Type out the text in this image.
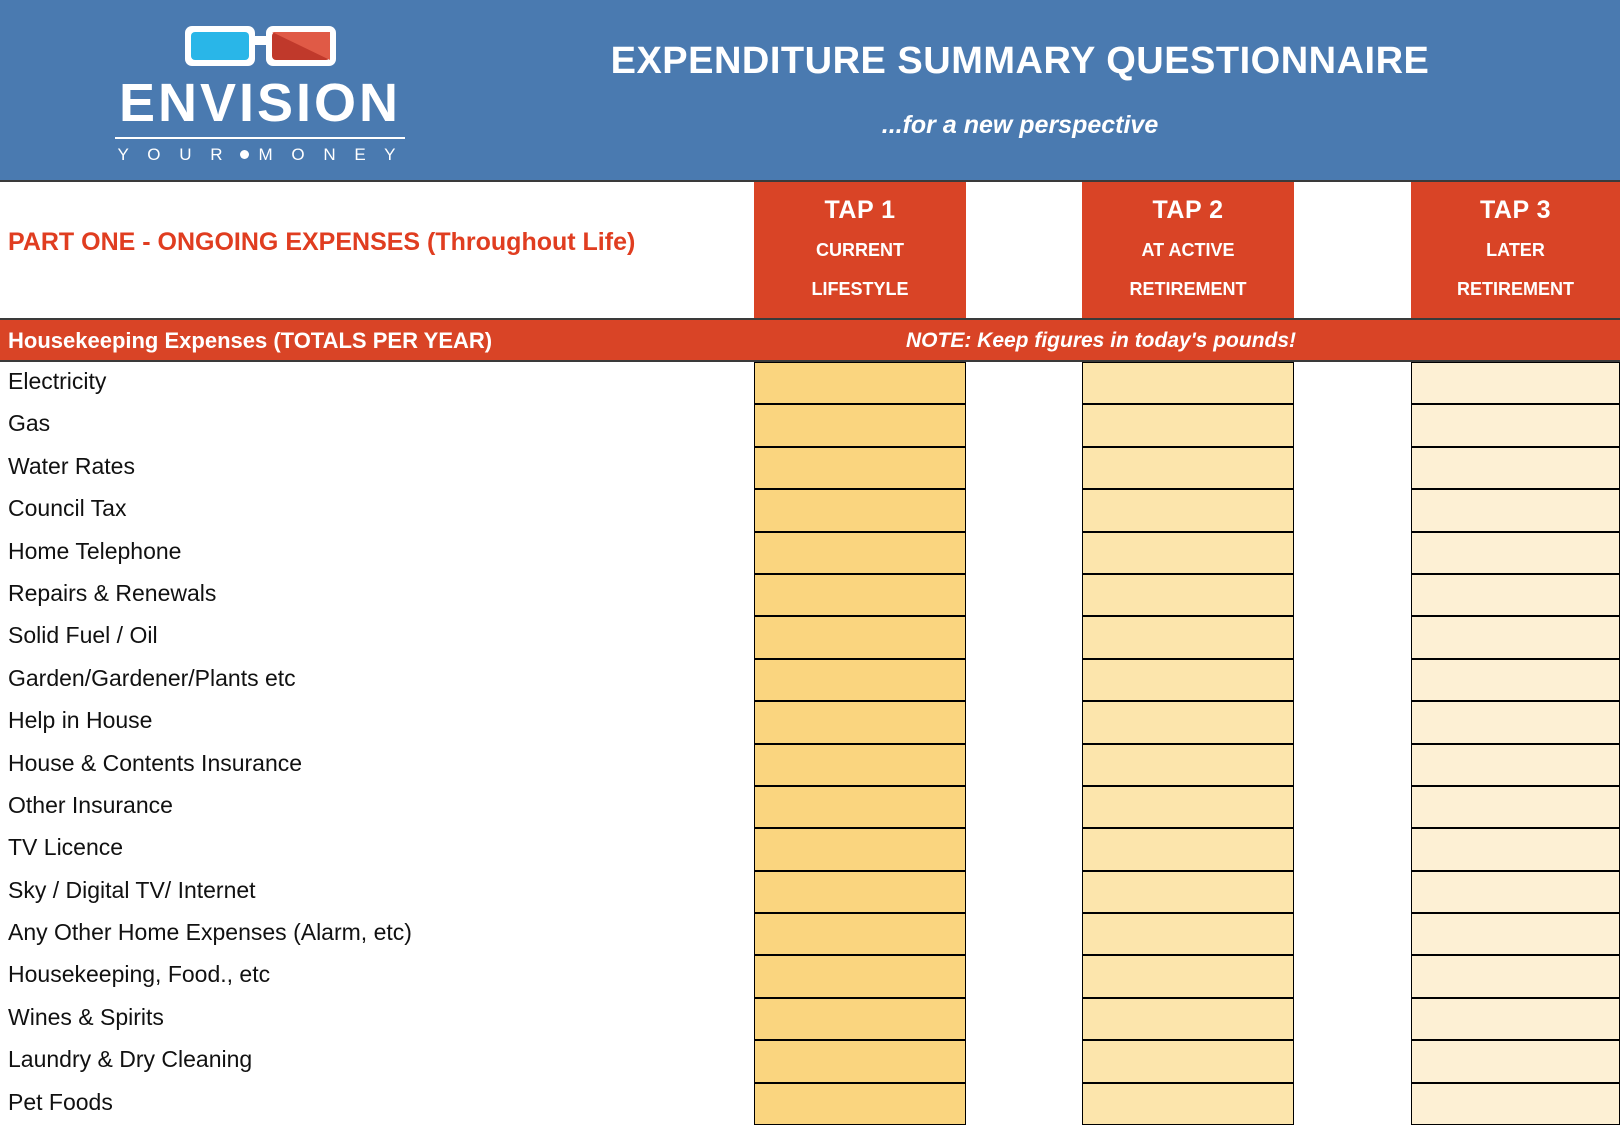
ENVISION
Y O U R M O N E Y
EXPENDITURE SUMMARY QUESTIONNAIRE
...for a new perspective
PART ONE - ONGOING EXPENSES (Throughout Life)
TAP 1
CURRENT
LIFESTYLE
TAP 2
AT ACTIVE
RETIREMENT
TAP 3
LATER
RETIREMENT
Housekeeping Expenses (TOTALS PER YEAR)	NOTE: Keep figures in today's pounds!
Electricity
Gas
Water Rates
Council Tax
Home Telephone
Repairs & Renewals
Solid Fuel / Oil
Garden/Gardener/Plants etc
Help in House
House & Contents Insurance
Other Insurance
TV Licence
Sky / Digital TV/ Internet
Any Other Home Expenses (Alarm, etc)
Housekeeping, Food., etc
Wines & Spirits
Laundry & Dry Cleaning
Pet Foods
